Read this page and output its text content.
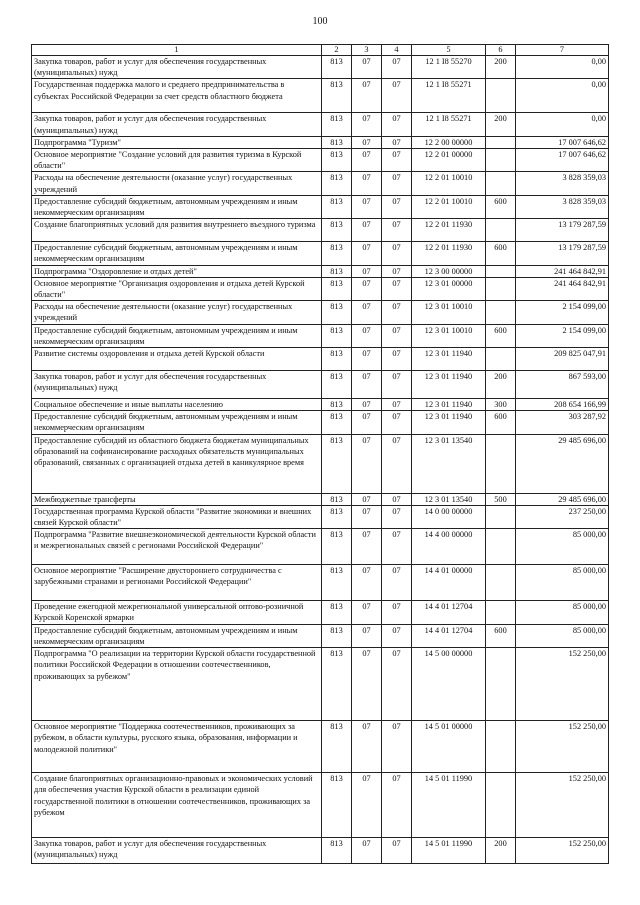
100
1	2	3	4	5	6	7
Закупка товаров, работ и услуг для обеспечения государственных (муниципальных) нужд	813	07	07	12 1 I8 55270	200	0,00
Государственная поддержка малого и среднего предпринимательства в субъектах Российской Федерации за счет средств областного бюджета	813	07	07	12 1 I8 55271		0,00
Закупка товаров, работ и услуг для обеспечения государственных (муниципальных) нужд	813	07	07	12 1 I8 55271	200	0,00
Подпрограмма "Туризм"	813	07	07	12 2 00 00000		17 007 646,62
Основное мероприятие "Создание условий для развития туризма в Курской области"	813	07	07	12 2 01 00000		17 007 646,62
Расходы на обеспечение деятельности (оказание услуг) государственных учреждений	813	07	07	12 2 01 10010		3 828 359,03
Предоставление субсидий бюджетным, автономным учреждениям и иным некоммерческим организациям	813	07	07	12 2 01 10010	600	3 828 359,03
Создание благоприятных условий для развития внутреннего въездного туризма	813	07	07	12 2 01 11930		13 179 287,59
Предоставление субсидий бюджетным, автономным учреждениям и иным некоммерческим организациям	813	07	07	12 2 01 11930	600	13 179 287,59
Подпрограмма "Оздоровление и отдых детей"	813	07	07	12 3 00 00000		241 464 842,91
Основное мероприятие "Организация оздоровления и отдыха детей Курской области"	813	07	07	12 3 01 00000		241 464 842,91
Расходы на обеспечение деятельности (оказание услуг) государственных учреждений	813	07	07	12 3 01 10010		2 154 099,00
Предоставление субсидий бюджетным, автономным учреждениям и иным некоммерческим организациям	813	07	07	12 3 01 10010	600	2 154 099,00
Развитие системы оздоровления и отдыха детей Курской области	813	07	07	12 3 01 11940		209 825 047,91
Закупка товаров, работ и услуг для обеспечения государственных (муниципальных) нужд	813	07	07	12 3 01 11940	200	867 593,00
Социальное обеспечение и иные выплаты населению	813	07	07	12 3 01 11940	300	208 654 166,99
Предоставление субсидий бюджетным, автономным учреждениям и иным некоммерческим организациям	813	07	07	12 3 01 11940	600	303 287,92
Предоставление субсидий из областного бюджета бюджетам муниципальных образований на софинансирование расходных обязательств муниципальных образований, связанных с организацией отдыха детей в каникулярное время	813	07	07	12 3 01 13540		29 485 696,00
Межбюджетные трансферты	813	07	07	12 3 01 13540	500	29 485 696,00
Государственная программа Курской области "Развитие экономики и внешних связей Курской области"	813	07	07	14 0 00 00000		237 250,00
Подпрограмма "Развитие внешнеэкономической деятельности Курской области и межрегиональных связей с регионами Российской Федерации"	813	07	07	14 4 00 00000		85 000,00
Основное мероприятие "Расширение двустороннего сотрудничества с зарубежными странами и регионами Российской Федерации"	813	07	07	14 4 01 00000		85 000,00
Проведение ежегодной межрегиональной универсальной оптово-розничной Курской Коренской ярмарки	813	07	07	14 4 01 12704		85 000,00
Предоставление субсидий бюджетным, автономным учреждениям и иным некоммерческим организациям	813	07	07	14 4 01 12704	600	85 000,00
Подпрограмма "О реализации на территории Курской области государственной политики Российской Федерации в отношении соотечественников, проживающих за рубежом"	813	07	07	14 5 00 00000		152 250,00
Основное мероприятие "Поддержка соотечественников, проживающих за рубежом, в области культуры, русского языка, образования, информации и молодежной политики"	813	07	07	14 5 01 00000		152 250,00
Создание благоприятных организационно-правовых и экономических условий для обеспечения участия Курской области в реализации единой государственной политики в отношении соотечественников, проживающих за рубежом	813	07	07	14 5 01 11990		152 250,00
Закупка товаров, работ и услуг для обеспечения государственных (муниципальных) нужд	813	07	07	14 5 01 11990	200	152 250,00
